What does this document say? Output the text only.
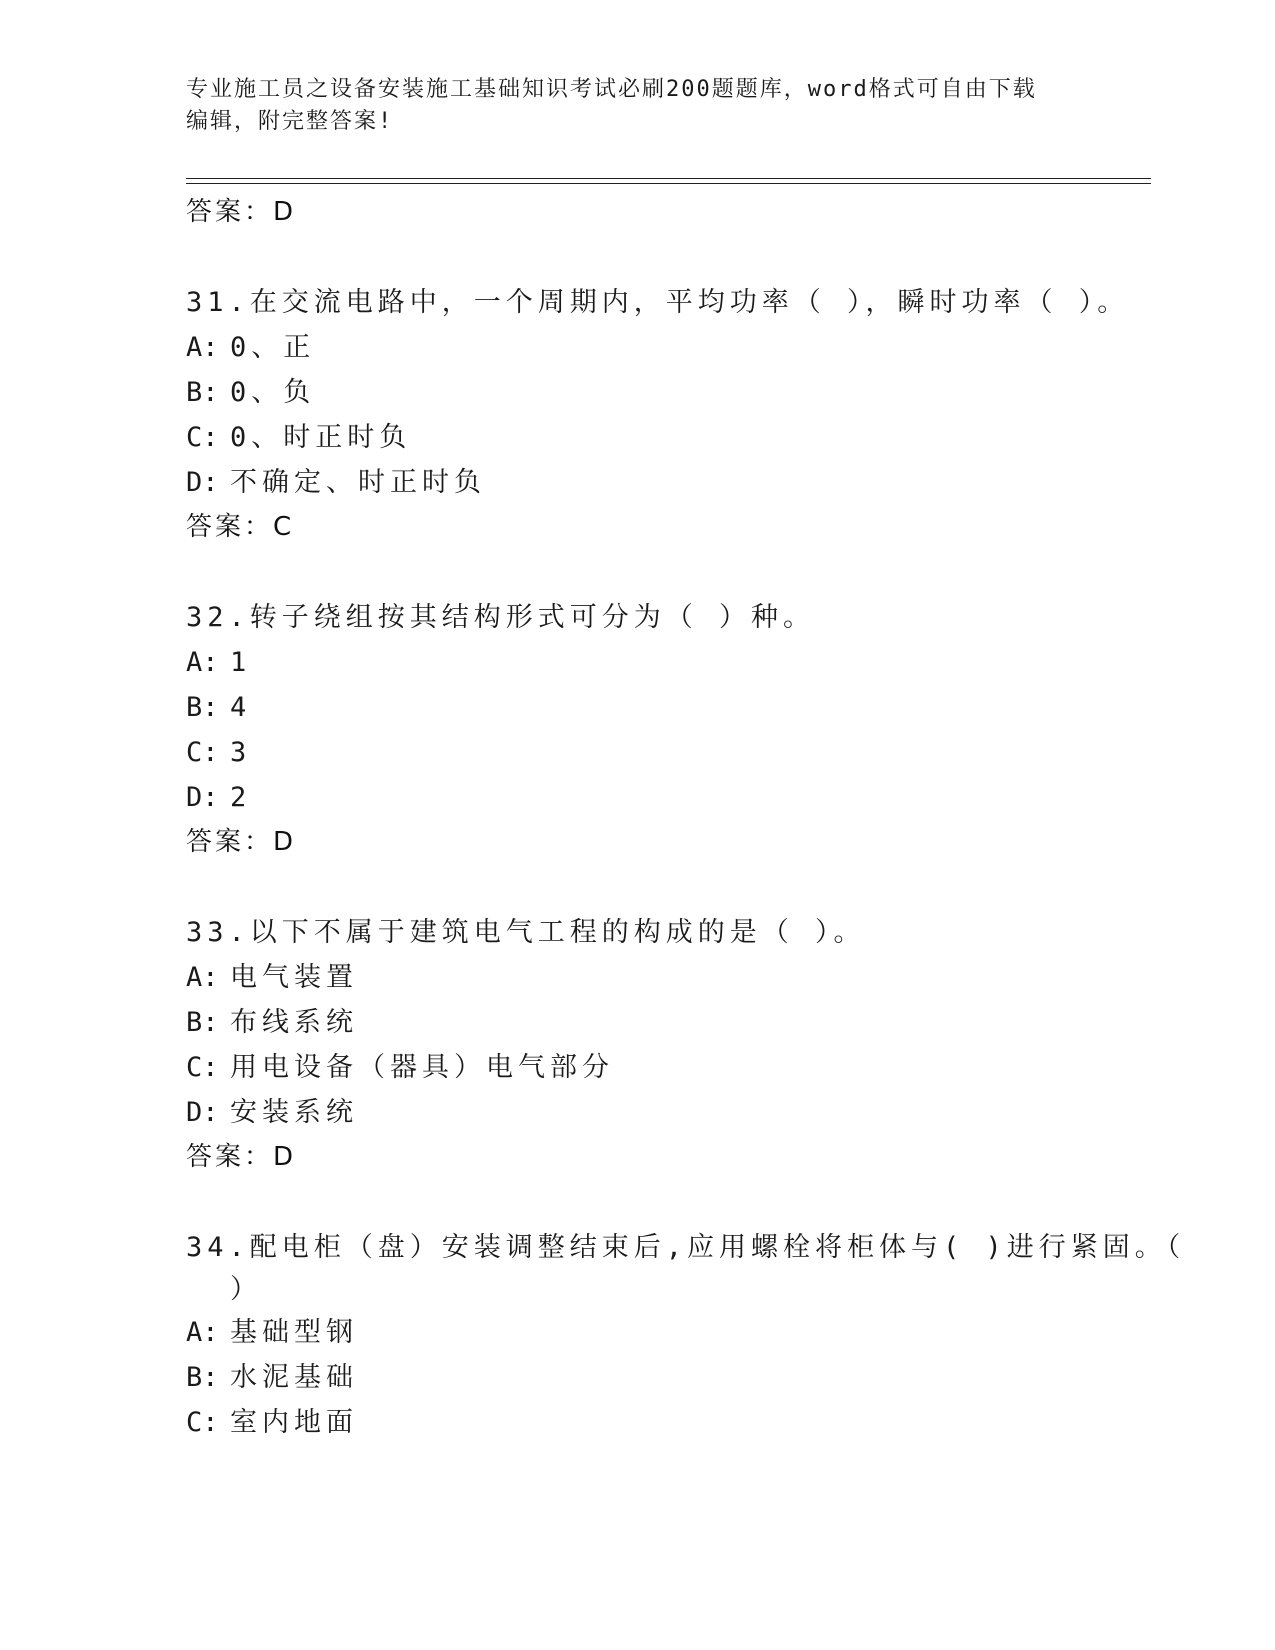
专业施工员之设备安装施工基础知识考试必刷200题题库，word格式可自由下载
编辑，附完整答案!
答案：D
31.在交流电路中，一个周期内，平均功率（ ），瞬时功率（ ）。
A: 0、正
B: 0、负
C: 0、时正时负
D: 不确定、时正时负
答案：C
32.转子绕组按其结构形式可分为（ ）种。
A: 1
B: 4
C: 3
D: 2
答案：D
33.以下不属于建筑电气工程的构成的是（ ）。
A: 电气装置
B: 布线系统
C: 用电设备（器具）电气部分
D: 安装系统
答案：D
34.配电柜（盘）安装调整结束后,应用螺栓将柜体与( )进行紧固。（
）
A: 基础型钢
B: 水泥基础
C: 室内地面
